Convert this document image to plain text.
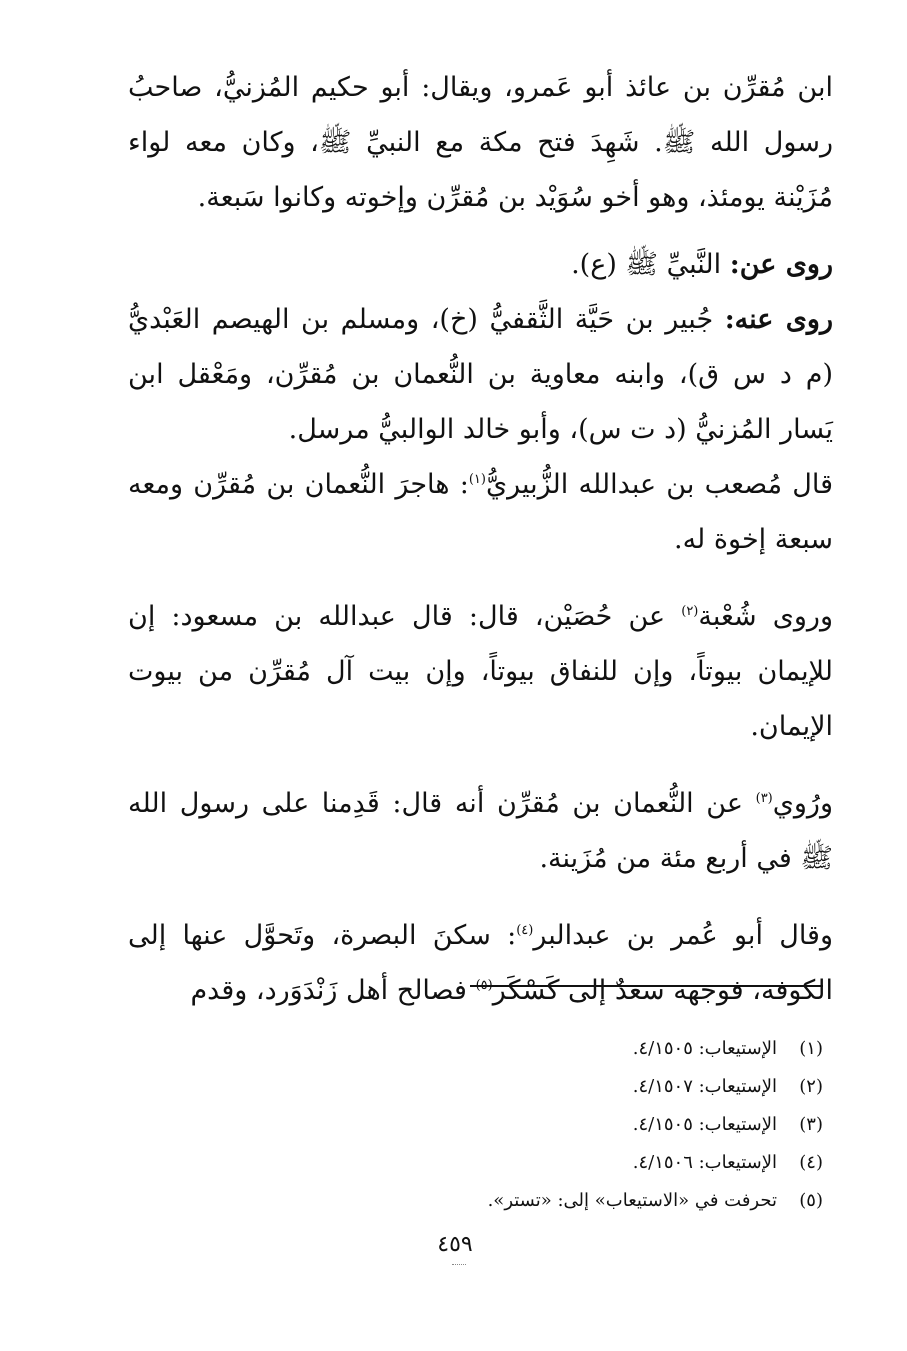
ابن مُقرِّن بن عائذ أبو عَمرو، ويقال: أبو حكيم المُزنيُّ، صاحبُ رسول الله ﷺ. شَهِدَ فتح مكة مع النبيِّ ﷺ، وكان معه لواء مُزَيْنة يومئذ، وهو أخو سُوَيْد بن مُقرِّن وإخوته وكانوا سَبعة.

روى عن: النَّبيِّ ﷺ (ع).

روى عنه: جُبير بن حَيَّة الثَّقفيُّ (خ)، ومسلم بن الهيصم العَبْديُّ (م د س ق)، وابنه معاوية بن النُّعمان بن مُقرِّن، ومَعْقل ابن يَسار المُزنيُّ (د ت س)، وأبو خالد الوالبيُّ مرسل.

قال مُصعب بن عبدالله الزُّبيريُّ$^{(١)}$: هاجرَ النُّعمان بن مُقرِّن ومعه سبعة إخوة له.

وروى شُعْبة$^{(٢)}$ عن حُصَيْن، قال: قال عبدالله بن مسعود: إن للإيمان بيوتاً، وإن للنفاق بيوتاً، وإن بيت آل مُقرِّن من بيوت الإيمان.

ورُوي$^{(٣)}$ عن النُّعمان بن مُقرِّن أنه قال: قَدِمنا على رسول الله ﷺ في أربع مئة من مُزَينة.

وقال أبو عُمر بن عبدالبر$^{(٤)}$: سكنَ البصرة، وتَحوَّل عنها إلى الكوفة، فوجهه سعدٌ إلى كَسْكَر$^{(٥)}$ فصالح أهل زَنْدَوَرد، وقدم

(١)الإستيعاب: ٤/١٥٠٥.
(٢)الإستيعاب: ٤/١٥٠٧.
(٣)الإستيعاب: ٤/١٥٠٥.
(٤)الإستيعاب: ٤/١٥٠٦.
(٥)تحرفت في «الاستيعاب» إلى: «تستر».
٤٥٩
